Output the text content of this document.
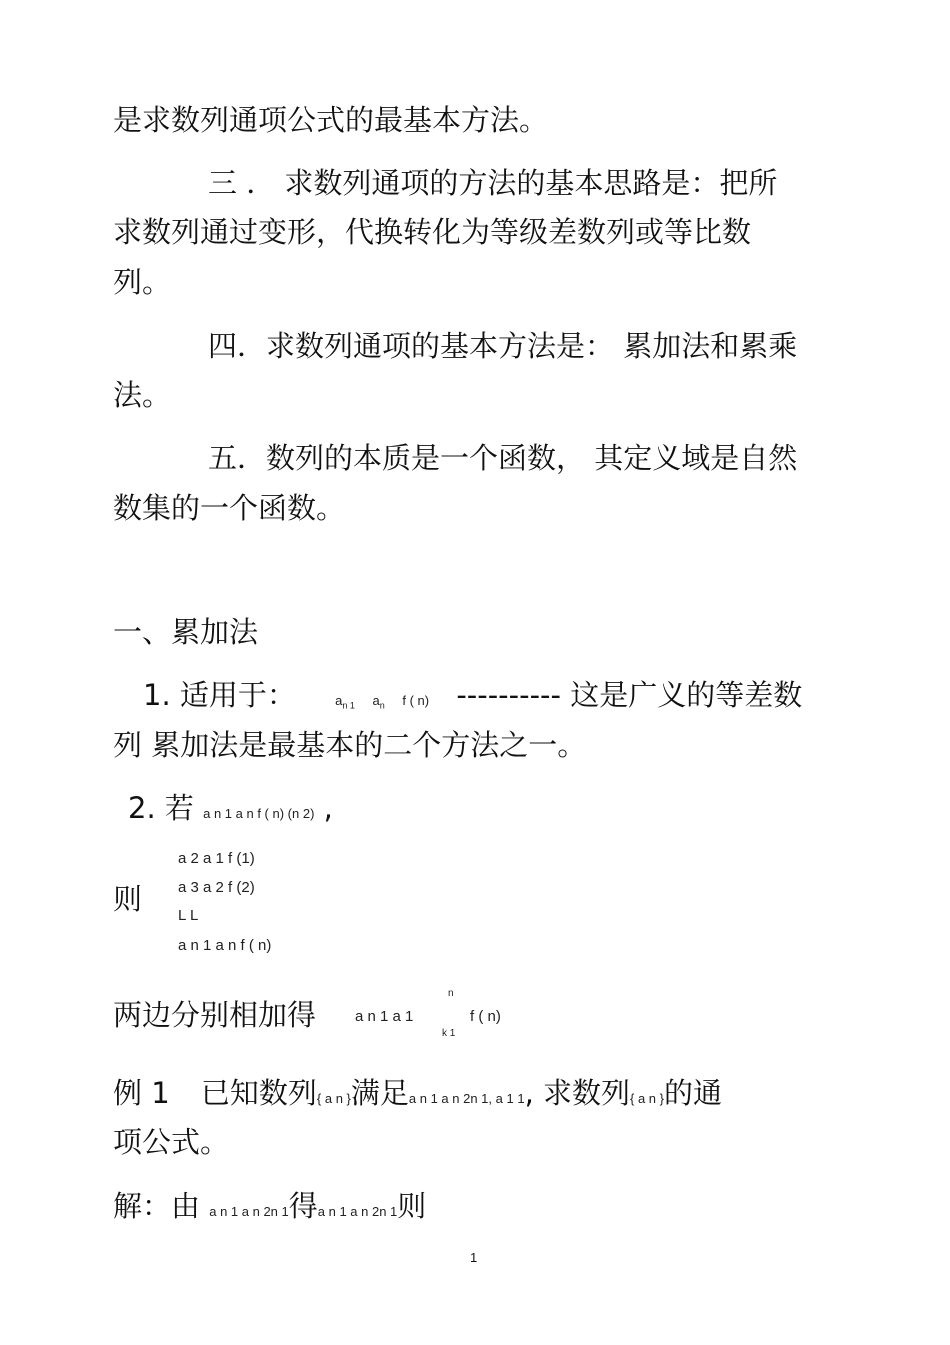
是求数列通项公式的最基本方法。
三 ． 求数列通项的方法的基本思路是：把所
求数列通过变形，代换转化为等级差数列或等比数
列。
四．求数列通项的基本方法是： 累加法和累乘
法。
五．数列的本质是一个函数， 其定义域是自然
数集的一个函数。
一、累加法
1. 适用于：	$a_{n 1}$ $a_n$ f ( n) ---------- 这是广义的等差数
列 累加法是最基本的二个方法之一。
2. 若 a n 1 a n f ( n) (n 2) ,
则
a 2 a 1 f (1)
a 3 a 2 f (2)
L L
a n 1 a n f ( n)
两边分别相加得	a n 1 a 1
n
k 1
f ( n)
例 1 已知数列{ a n }满足a n 1 a n 2n 1, a 1 1, 求数列{ a n }的通
项公式。
解：由 a n 1 a n 2n 1得a n 1 a n 2n 1则
1
